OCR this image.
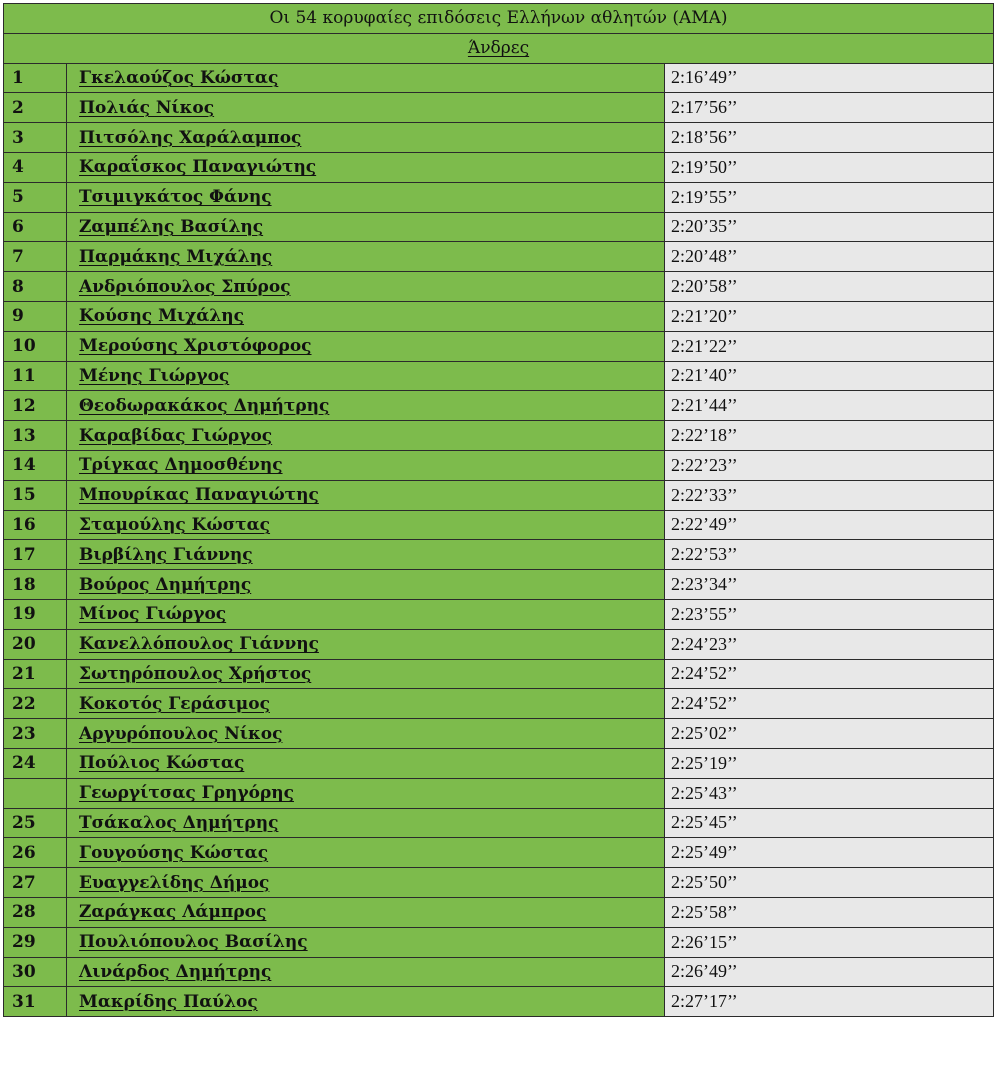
Οι 54 κορυφαίες επιδόσεις Ελλήνων αθλητών (ΑΜΑ)		
Άνδρες		
1	Γκελαούζος Κώστας	2:16’49’’
2	Πολιάς Νίκος	2:17’56’’
3	Πιτσόλης Χαράλαμπος	2:18’56’’
4	Καραΐσκος Παναγιώτης	2:19’50’’
5	Τσιμιγκάτος Φάνης	2:19’55’’
6	Ζαμπέλης Βασίλης	2:20’35’’
7	Παρμάκης Μιχάλης	2:20’48’’
8	Ανδριόπουλος Σπύρος	2:20’58’’
9	Κούσης Μιχάλης	2:21’20’’
10	Μερούσης Χριστόφορος	2:21’22’’
11	Μένης Γιώργος	2:21’40’’
12	Θεοδωρακάκος Δημήτρης	2:21’44’’
13	Καραβίδας Γιώργος	2:22’18’’
14	Τρίγκας Δημοσθένης	2:22’23’’
15	Μπουρίκας Παναγιώτης	2:22’33’’
16	Σταμούλης Κώστας	2:22’49’’
17	Βιρβίλης Γιάννης	2:22’53’’
18	Βούρος Δημήτρης	2:23’34’’
19	Μίνος Γιώργος	2:23’55’’
20	Κανελλόπουλος Γιάννης	2:24’23’’
21	Σωτηρόπουλος Χρήστος	2:24’52’’
22	Κοκοτός Γεράσιμος	2:24’52’’
23	Αργυρόπουλος Νίκος	2:25’02’’
24	Πούλιος Κώστας	2:25’19’’
	Γεωργίτσας Γρηγόρης	2:25’43’’
25	Τσάκαλος Δημήτρης	2:25’45’’
26	Γουγούσης Κώστας	2:25’49’’
27	Ευαγγελίδης Δήμος	2:25’50’’
28	Ζαράγκας Λάμπρος	2:25’58’’
29	Πουλιόπουλος Βασίλης	2:26’15’’
30	Λινάρδος Δημήτρης	2:26’49’’
31	Μακρίδης Παύλος	2:27’17’’
